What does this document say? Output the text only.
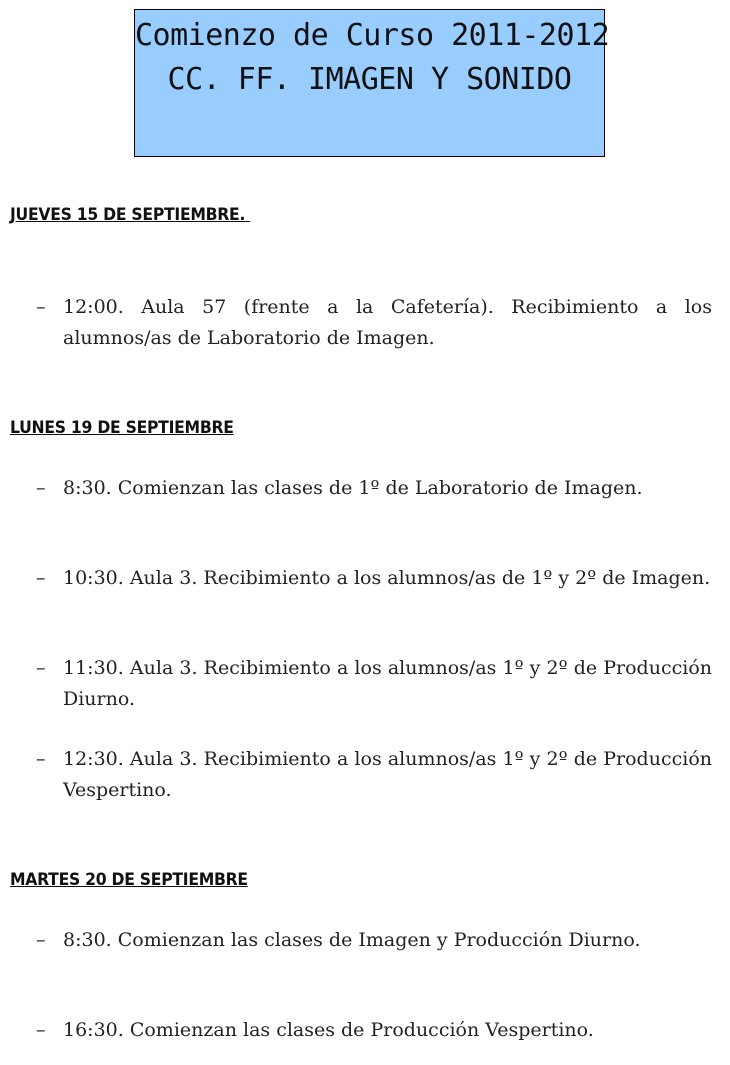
Comienzo de Curso 2011-2012
CC. FF. IMAGEN Y SONIDO
JUEVES 15 DE SEPTIEMBRE.
– 12:00. Aula 57 (frente a la Cafetería). Recibimiento a los alumnos/as de Laboratorio de Imagen.
LUNES 19 DE SEPTIEMBRE
– 8:30. Comienzan las clases de 1º de Laboratorio de Imagen.
– 10:30. Aula 3. Recibimiento a los alumnos/as de 1º y 2º de Imagen.
– 11:30. Aula 3. Recibimiento a los alumnos/as 1º y 2º de Producción Diurno.
– 12:30. Aula 3. Recibimiento a los alumnos/as 1º y 2º de Producción Vespertino.
MARTES 20 DE SEPTIEMBRE
– 8:30. Comienzan las clases de Imagen y Producción Diurno.
– 16:30. Comienzan las clases de Producción Vespertino.
